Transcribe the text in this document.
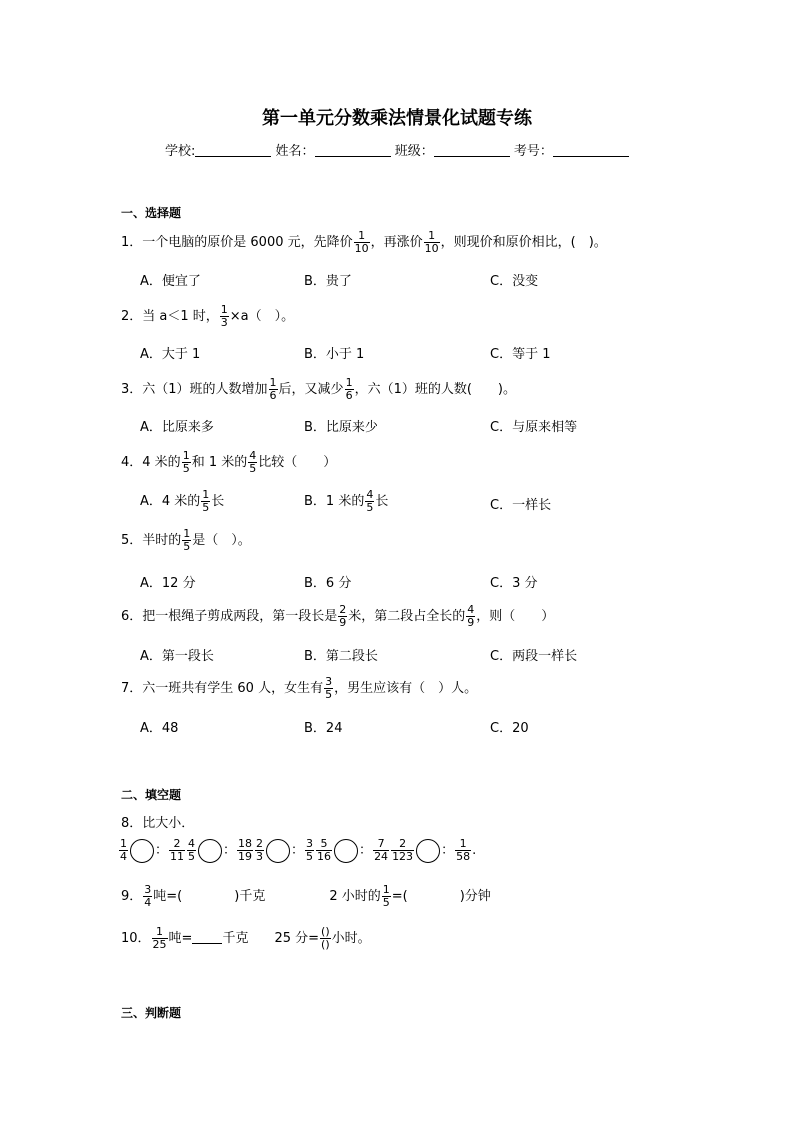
第一单元分数乘法情景化试题专练
学校:	姓名：	班级：	考号：
一、选择题
1．一个电脑的原价是 6000 元，先降价 $\frac{1}{10}$ ，再涨价 $\frac{1}{10}$ ，则现价和原价相比，(　)。
A．便宜了	B．贵了	C．没变
2．当 a＜1 时， $\frac{1}{3} \times a$（　）。
A．大于 1	B．小于 1	C．等于 1
3．六（1）班的人数增加 $\frac{1}{6}$ 后，又减少 $\frac{1}{6}$ ，六（1）班的人数(　　)。
A．比原来多	B．比原来少	C．与原来相等
4．4 米的 $\frac{1}{5}$ 和 1 米的 $\frac{4}{5}$ 比较（　　）
A．4 米的 $\frac{1}{5}$ 长	B．1 米的 $\frac{4}{5}$ 长	C．一样长
5．半时的 $\frac{1}{5}$ 是（　）。
A．12 分	B．6 分	C．3 分
6．把一根绳子剪成两段，第一段长是 $\frac{2}{9}$ 米，第二段占全长的 $\frac{4}{9}$ ，则（　　）
A．第一段长	B．第二段长	C．两段一样长
7．六一班共有学生 60 人，女生有 $\frac{3}{5}$ ，男生应该有（　）人。
A．48	B．24	C．20
二、填空题
8．比大小．
$\frac{1}{4}$ ： $\frac{2}{11} \frac{4}{5}$ ： $\frac{18}{19} \frac{2}{3}$ ： $\frac{3}{5} \frac{5}{16}$ ： $\frac{7}{24} \frac{2}{123}$ ： $\frac{1}{58}$ .
9． $\frac{3}{4}$ 吨=(　　　　)千克	2 小时的 $\frac{1}{5}$ =(　　　　)分钟
10． $\frac{1}{25}$ 吨= 千克　　25 分= $\frac{()}{()}$ 小时。
三、判断题
